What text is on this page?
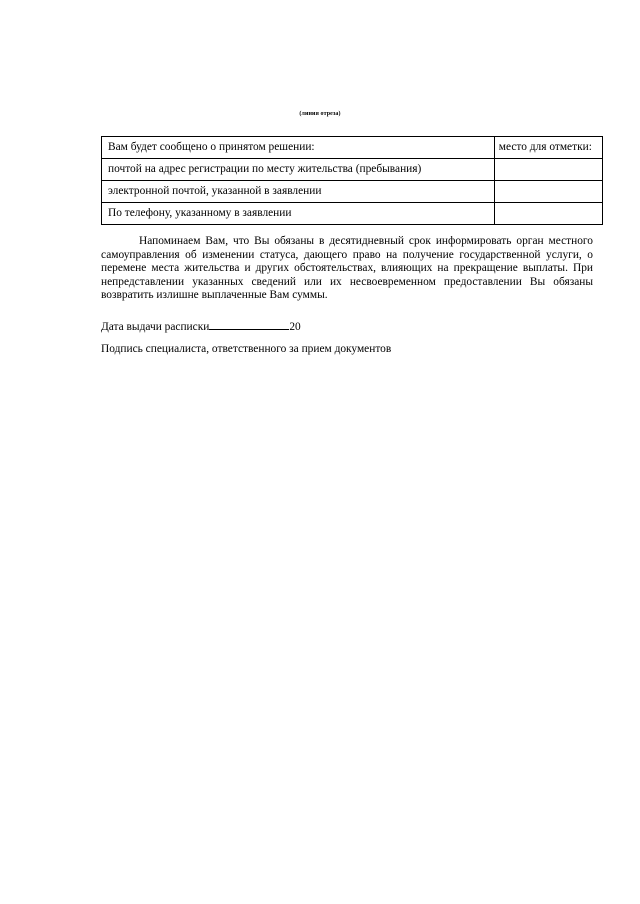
(линия отреза)
Вам будет сообщено о принятом решении:	место для отметки:
почтой на адрес регистрации по месту жительства (пребывания)	
электронной почтой, указанной в заявлении	
По телефону, указанному в заявлении	

Напоминаем Вам, что Вы обязаны в десятидневный срок информировать орган местного самоуправления об изменении статуса, дающего право на получение государственной услуги, о перемене места жительства и других обстоятельствах, влияющих на прекращение выплаты. При непредставлении указанных сведений или их несвоевременном предоставлении Вы обязаны возвратить излишне выплаченные Вам суммы.

Дата выдачи расписки	20
Подпись специалиста, ответственного за прием документов
